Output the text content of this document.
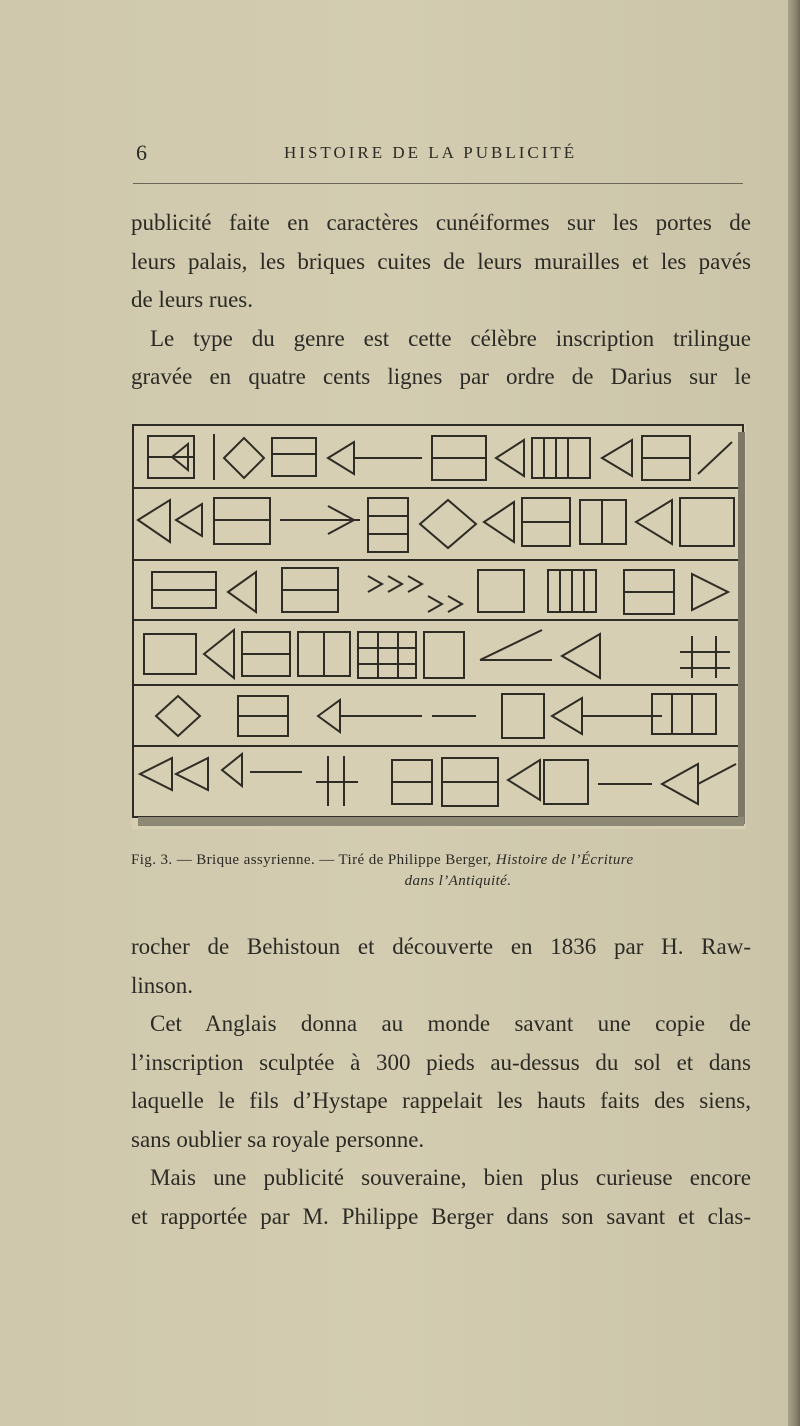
6	HISTOIRE DE LA PUBLICITÉ
publicité faite en caractères cunéiformes sur les portes de
leurs palais, les briques cuites de leurs murailles et les pavés
de leurs rues.
Le type du genre est cette célèbre inscription trilingue
gravée en quatre cents lignes par ordre de Darius sur le
Fig. 3. — Brique assyrienne. — Tiré de Philippe Berger, Histoire de l’Écriture
dans l’Antiquité.
rocher de Behistoun et découverte en 1836 par H. Raw-
linson.
Cet Anglais donna au monde savant une copie de
l’inscription sculptée à 300 pieds au-dessus du sol et dans
laquelle le fils d’Hystape rappelait les hauts faits des siens,
sans oublier sa royale personne.
Mais une publicité souveraine, bien plus curieuse encore
et rapportée par M. Philippe Berger dans son savant et clas-
